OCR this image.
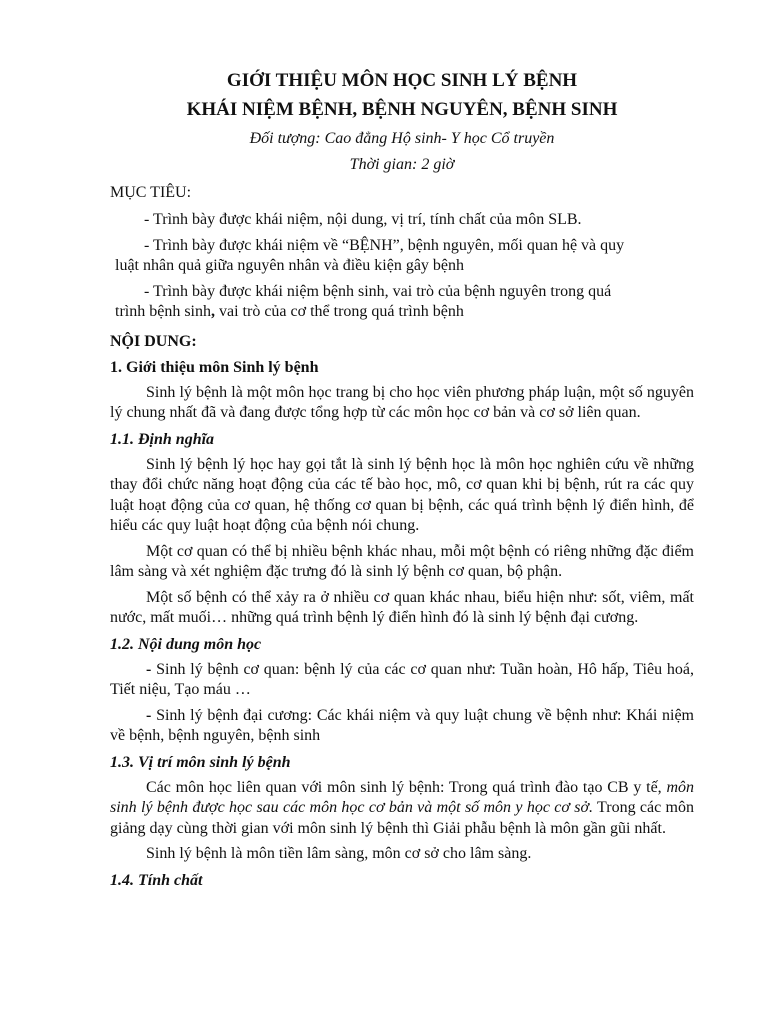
GIỚI THIỆU MÔN HỌC SINH LÝ BỆNH
KHÁI NIỆM BỆNH, BỆNH NGUYÊN, BỆNH SINH

Đối tượng: Cao đẳng Hộ sinh- Y học Cổ truyền

Thời gian: 2 giờ

MỤC TIÊU:

- Trình bày được khái niệm, nội dung, vị trí, tính chất của môn SLB.

- Trình bày được khái niệm về “BỆNH”, bệnh nguyên, mối quan hệ và quy
luật nhân quả giữa nguyên nhân và điều kiện gây bệnh

- Trình bày được khái niệm bệnh sinh, vai trò của bệnh nguyên trong quá
trình bệnh sinh, vai trò của cơ thể trong quá trình bệnh

NỘI DUNG:
1. Giới thiệu môn Sinh lý bệnh

Sinh lý bệnh là một môn học trang bị cho học viên phương pháp luận, một số nguyên lý chung nhất đã và đang được tổng hợp từ các môn học cơ bản và cơ sở liên quan.

1.1. Định nghĩa

Sinh lý bệnh lý học hay gọi tắt là sinh lý bệnh học là môn học nghiên cứu về những thay đổi chức năng hoạt động của các tế bào học, mô, cơ quan khi bị bệnh, rút ra các quy luật hoạt động của cơ quan, hệ thống cơ quan bị bệnh, các quá trình bệnh lý điển hình, để hiểu các quy luật hoạt động của bệnh nói chung.

Một cơ quan có thể bị nhiều bệnh khác nhau, mỗi một bệnh có riêng những đặc điểm lâm sàng và xét nghiệm đặc trưng đó là sinh lý bệnh cơ quan, bộ phận.

Một số bệnh có thể xảy ra ở nhiều cơ quan khác nhau, biểu hiện như: sốt, viêm, mất nước, mất muối… những quá trình bệnh lý điển hình đó là sinh lý bệnh đại cương.

1.2. Nội dung môn học

- Sinh lý bệnh cơ quan: bệnh lý của các cơ quan như: Tuần hoàn, Hô hấp, Tiêu hoá, Tiết niệu, Tạo máu …

- Sinh lý bệnh đại cương: Các khái niệm và quy luật chung về bệnh như: Khái niệm về bệnh, bệnh nguyên, bệnh sinh

1.3. Vị trí môn sinh lý bệnh

Các môn học liên quan với môn sinh lý bệnh: Trong quá trình đào tạo CB y tế, môn sinh lý bệnh được học sau các môn học cơ bản và một số môn y học cơ sở. Trong các môn giảng dạy cùng thời gian với môn sinh lý bệnh thì Giải phẫu bệnh là môn gần gũi nhất.

Sinh lý bệnh là môn tiền lâm sàng, môn cơ sở cho lâm sàng.

1.4. Tính chất
